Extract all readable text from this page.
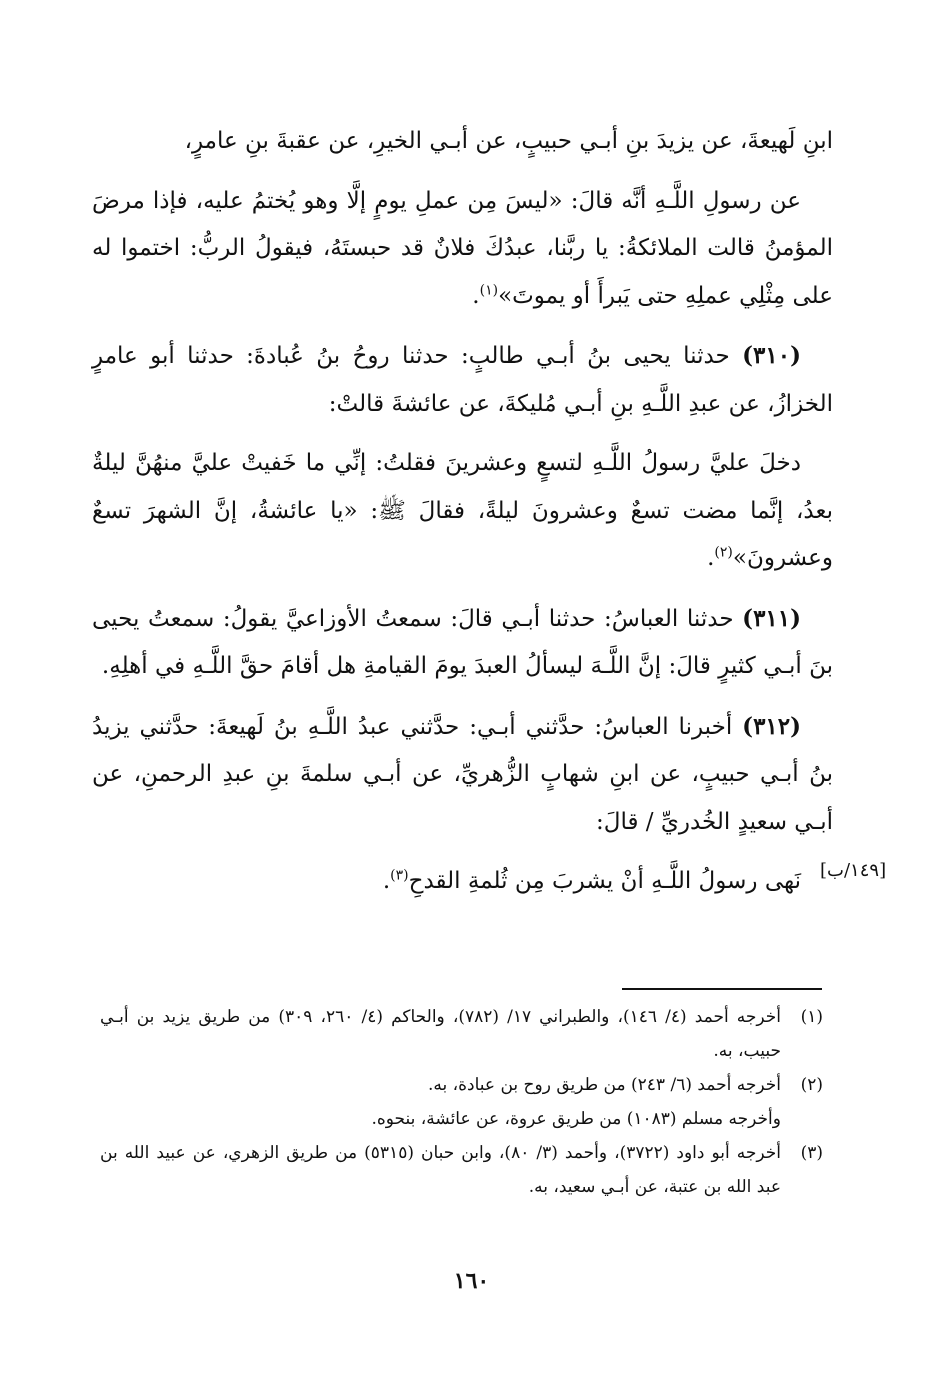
ابنِ لَهيعةَ، عن يزيدَ بنِ أبـي حبيبٍ، عن أبـي الخيرِ، عن عقبةَ بنِ عامرٍ،

عن رسولِ اللَّـهِ أنَّه قالَ: «ليسَ مِن عملِ يومٍ إلَّا وهو يُختمُ عليه، فإذا مرضَ المؤمنُ قالت الملائكةُ: يا ربَّنا، عبدُكَ فلانٌ قد حبستَهُ، فيقولُ الربُّ: اختموا له على مِثْلِي عملِهِ حتى يَبرأَ أو يموتَ»$^{(١)}$.

(٣١٠) حدثنا يحيى بنُ أبـي طالبٍ: حدثنا روحُ بنُ عُبادةَ: حدثنا أبو عامرٍ الخزازُ، عن عبدِ اللَّـهِ بنِ أبـي مُليكةَ، عن عائشةَ قالتْ:

دخلَ عليَّ رسولُ اللَّـهِ لتسعٍ وعشرينَ فقلتُ: إنِّي ما خَفيتْ عليَّ منهُنَّ ليلةٌ بعدُ، إنَّما مضت تسعٌ وعشرونَ ليلةً، فقالَ ﷺ: «يا عائشةُ، إنَّ الشهرَ تسعٌ وعشرونَ»$^{(٢)}$.

(٣١١) حدثنا العباسُ: حدثنا أبـي قالَ: سمعتُ الأوزاعيَّ يقولُ: سمعتُ يحيى بنَ أبـي كثيرٍ قالَ: إنَّ اللَّـهَ ليسألُ العبدَ يومَ القيامةِ هل أقامَ حقَّ اللَّـهِ في أهلِهِ.

(٣١٢) أخبرنا العباسُ: حدَّثني أبـي: حدَّثني عبدُ اللَّـهِ بنُ لَهيعةَ: حدَّثني يزيدُ بنُ أبـي حبيبٍ، عن ابنِ شهابٍ الزُّهريِّ، عن أبـي سلمةَ بنِ عبدِ الرحمنِ، عن أبـي سعيدٍ الخُدريِّ / قالَ:

نَهى رسولُ اللَّـهِ أنْ يشربَ مِن ثُلمةِ القدحِ$^{(٣)}$.	[١٤٩/ب]

(١)
أخرجه أحمد (٤/ ١٤٦)، والطبراني ١٧/ (٧٨٢)، والحاكم (٤/ ٢٦٠، ٣٠٩) من طريق يزيد بن أبـي حبيب، به.

(٢)
أخرجه أحمد (٦/ ٢٤٣) من طريق روح بن عبادة، به.

وأخرجه مسلم (١٠٨٣) من طريق عروة، عن عائشة، بنحوه.

(٣)
أخرجه أبو داود (٣٧٢٢)، وأحمد (٣/ ٨٠)، وابن حبان (٥٣١٥) من طريق الزهري، عن عبيد الله بن عبد الله بن عتبة، عن أبـي سعيد، به.

١٦٠
